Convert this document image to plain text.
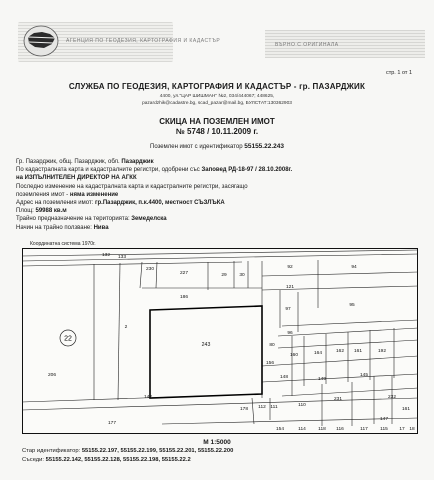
AГЕНЦИЯ ПО ГЕОДЕЗИЯ, КАРТОГРАФИЯ И КАДАСТЪР
ВЪРНО С ОРИГИНАЛА
стр. 1 от 1
СЛУЖБА ПО ГЕОДЕЗИЯ, КАРТОГРАФИЯ И КАДАСТЪР - гр. ПАЗАРДЖИК
4400, ул."ЦАР ШИШМАН" №2, 034/444067; 448625,
pazardzhik@cadastre.bg, scad_pazar@mail.bg, БУЛСТАТ:130362903
СКИЦА НА ПОЗЕМЛЕН ИМОТ
№ 5748 / 10.11.2009 г.
Поземлен имот с идентификатор 55155.22.243
Гр. Пазарджик, общ. Пазарджик, обл. Пазарджик
По кадастралната карта и кадастралните регистри, одобрени със Заповед РД-18-97 / 28.10.2008г.
на ИЗПЪЛНИТЕЛЕН ДИРЕКТОР НА АГКК
Последно изменение на кадастралната карта и кадастралните регистри, засягащо
поземления имот - няма изменение
Адрес на поземления имот: гр.Пазарджик, п.к.4400, местност СЪЗЛЪКА
Площ: 59988 кв.м
Трайно предназначение на територията: Земеделска
Начин на трайно ползване: Нива
Координатна система 1970г.
22
132 133
230
227	29	30
92	94
186
121
97
95
2
243
96
80
160	164	162 161	192
206
156
148	149
145
142
177
178 112 111	110
231	232
147
114	116	117	115
118	17 18
154
161
М 1:5000
Стар идентификатор: 55155.22.197, 55155.22.199, 55155.22.201, 55155.22.200
Съседи: 55155.22.142, 55155.22.128, 55155.22.198, 55155.22.2
